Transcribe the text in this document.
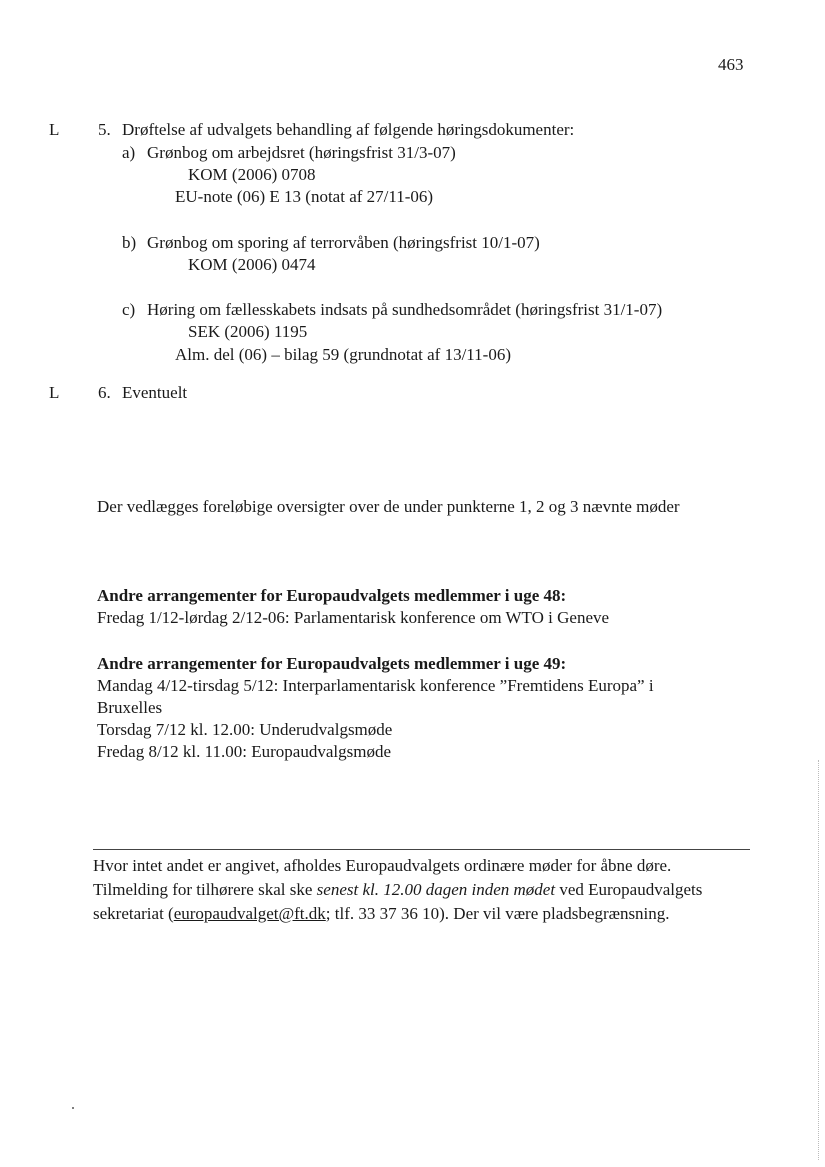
463
L 5. Drøftelse af udvalgets behandling af følgende høringsdokumenter:
a) Grønbog om arbejdsret (høringsfrist 31/3-07)
KOM (2006) 0708
EU-note (06) E 13 (notat af 27/11-06)
b) Grønbog om sporing af terrorvåben (høringsfrist 10/1-07)
KOM (2006) 0474
c) Høring om fællesskabets indsats på sundhedsområdet (høringsfrist 31/1-07)
SEK (2006) 1195
Alm. del (06) – bilag 59 (grundnotat af 13/11-06)
L 6. Eventuelt
Der vedlægges foreløbige oversigter over de under punkterne 1, 2 og 3 nævnte møder
Andre arrangementer for Europaudvalgets medlemmer i uge 48:
Fredag 1/12-lørdag 2/12-06: Parlamentarisk konference om WTO i Geneve
Andre arrangementer for Europaudvalgets medlemmer i uge 49:
Mandag 4/12-tirsdag 5/12: Interparlamentarisk konference ”Fremtidens Europa” i
Bruxelles
Torsdag 7/12 kl. 12.00: Underudvalgsmøde
Fredag 8/12 kl. 11.00: Europaudvalgsmøde
Hvor intet andet er angivet, afholdes Europaudvalgets ordinære møder for åbne døre.
Tilmelding for tilhørere skal ske senest kl. 12.00 dagen inden mødet ved Europaudvalgets
sekretariat (europaudvalget@ft.dk; tlf. 33 37 36 10). Der vil være pladsbegrænsning.
